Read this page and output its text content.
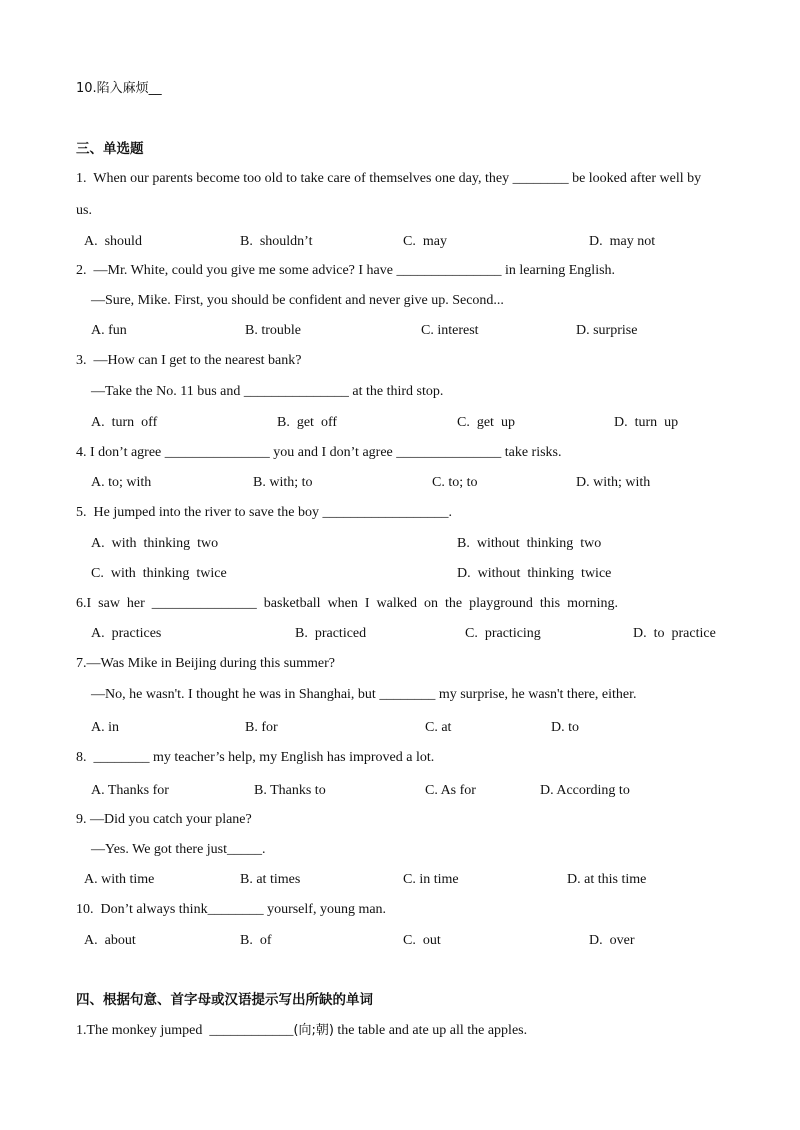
10.陷入麻烦__
三、单选题
1.  When our parents become too old to take care of themselves one day, they ________ be looked after well by
us.
A.  should	B.  shouldn’t	C.  may	D.  may not
2.  —Mr. White, could you give me some advice? I have _______________ in learning English.
—Sure, Mike. First, you should be confident and never give up. Second...
A. fun	B. trouble	C. interest	D. surprise
3.  —How can I get to the nearest bank?
—Take the No. 11 bus and _______________ at the third stop.
A.  turn  off	B.  get  off	C.  get  up	D.  turn  up
4. I don’t agree _______________ you and I don’t agree _______________ take risks.
A. to; with	B. with; to	C. to; to	D. with; with
5.  He jumped into the river to save the boy __________________.
A.  with  thinking  two	B.  without  thinking  two
C.  with  thinking  twice	D.  without  thinking  twice
6.I  saw  her  _______________  basketball  when  I  walked  on  the  playground  this  morning.
A.  practices	B.  practiced	C.  practicing	D.  to  practice
7.—Was Mike in Beijing during this summer?
—No, he wasn't. I thought he was in Shanghai, but ________ my surprise, he wasn't there, either.
A. in	B. for	C. at	D. to
8.  ________ my teacher’s help, my English has improved a lot.
A. Thanks for	B. Thanks to	C. As for	D. According to
9. —Did you catch your plane?
—Yes. We got there just_____.
A. with time	B. at times	C. in time	D. at this time
10.  Don’t always think________ yourself, young man.
A.  about	B.  of	C.  out	D.  over
四、根据句意、首字母或汉语提示写出所缺的单词
1.The monkey jumped  ____________(向;朝) the table and ate up all the apples.
